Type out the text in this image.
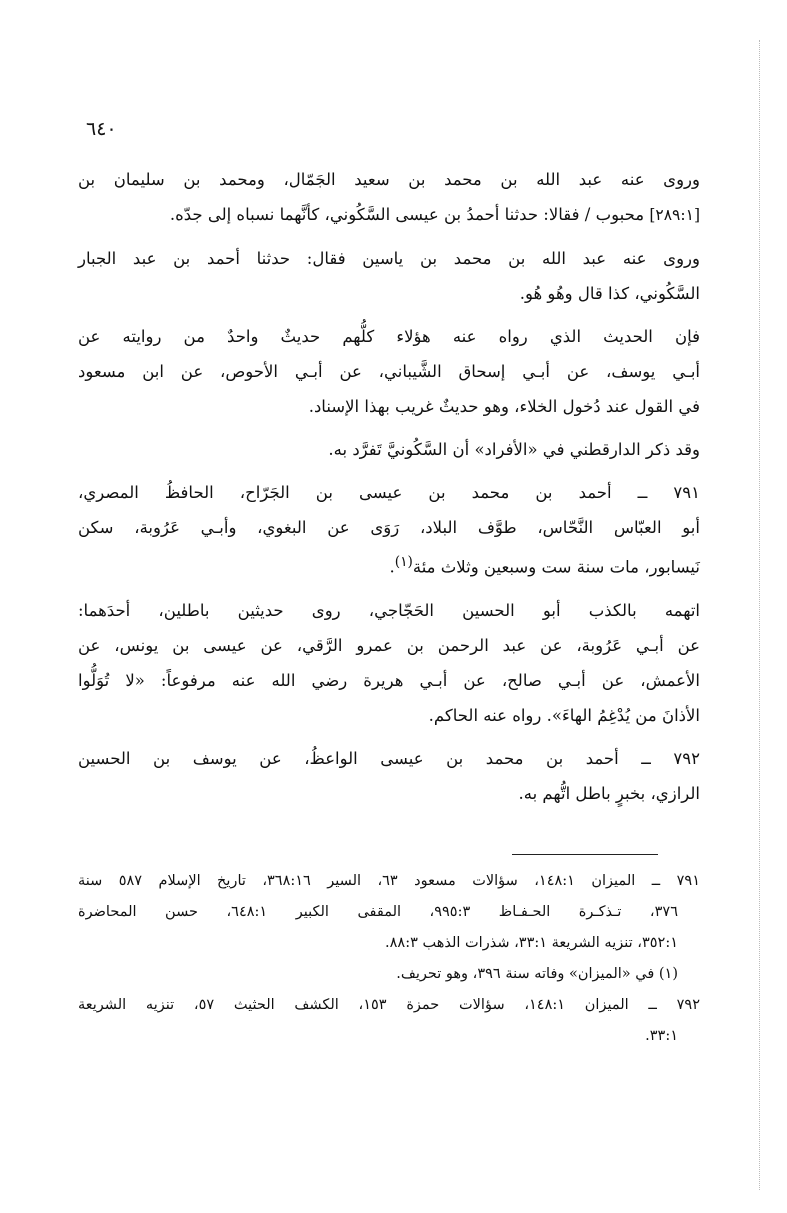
٦٤٠
وروى عنه عبد الله بن محمد بن سعيد الجَمّال، ومحمد بن سليمان بن
[٢٨٩:١] محبوب / فقالا: حدثنا أحمدُ بن عيسى السَّكُوني، كأنَّهما نسباه إلى جدّه.
وروى عنه عبد الله بن محمد بن ياسين فقال: حدثنا أحمد بن عبد الجبار
السَّكُوني، كذا قال وهُو هُو.
فإن الحديث الذي رواه عنه هؤلاء كلُّهم حديثٌ واحدٌ من روايته عن
أبـي يوسف، عن أبـي إسحاق الشَّيباني، عن أبـي الأحوص، عن ابن مسعود
في القول عند دُخول الخلاء، وهو حديثٌ غريب بهذا الإسناد.
وقد ذكر الدارقطني في «الأفراد» أن السَّكُونيَّ تَفرَّد به.
٧٩١ ــ أحمد بن محمد بن عيسى بن الجَرّاح، الحافظُ المصري،
أبو العبّاس النَّحّاس، طوَّف البلاد، رَوَى عن البغوي، وأبـي عَرُوبة، سكن
نَيسابور، مات سنة ست وسبعين وثلاث مئة$^{(١)}$.
اتهمه بالكذب أبو الحسين الحَجّاجي، روى حديثين باطلين، أحدَهما:
عن أبـي عَرُوبة، عن عبد الرحمن بن عمرو الرَّقي، عن عيسى بن يونس، عن
الأعمش، عن أبـي صالح، عن أبـي هريرة رضي الله عنه مرفوعاً: «لا تُوَلُّوا
الأذانَ من يُدْغِمُ الهاءَ». رواه عنه الحاكم.
٧٩٢ ــ أحمد بن محمد بن عيسى الواعظُ، عن يوسف بن الحسين
الرازي، بخبرٍ باطل اتُّهم به.
٧٩١ ــ الميزان ١٤٨:١، سؤالات مسعود ٦٣، السير ٣٦٨:١٦، تاريخ الإسلام ٥٨٧ سنة
٣٧٦، تـذكـرة الحـفـاظ ٩٩٥:٣، المقفى الكبير ٦٤٨:١، حسن المحاضرة
٣٥٢:١، تنزيه الشريعة ٣٣:١، شذرات الذهب ٨٨:٣.
(١) في «الميزان» وفاته سنة ٣٩٦، وهو تحريف.
٧٩٢ ــ الميزان ١٤٨:١، سؤالات حمزة ١٥٣، الكشف الحثيث ٥٧، تنزيه الشريعة
٣٣:١.
